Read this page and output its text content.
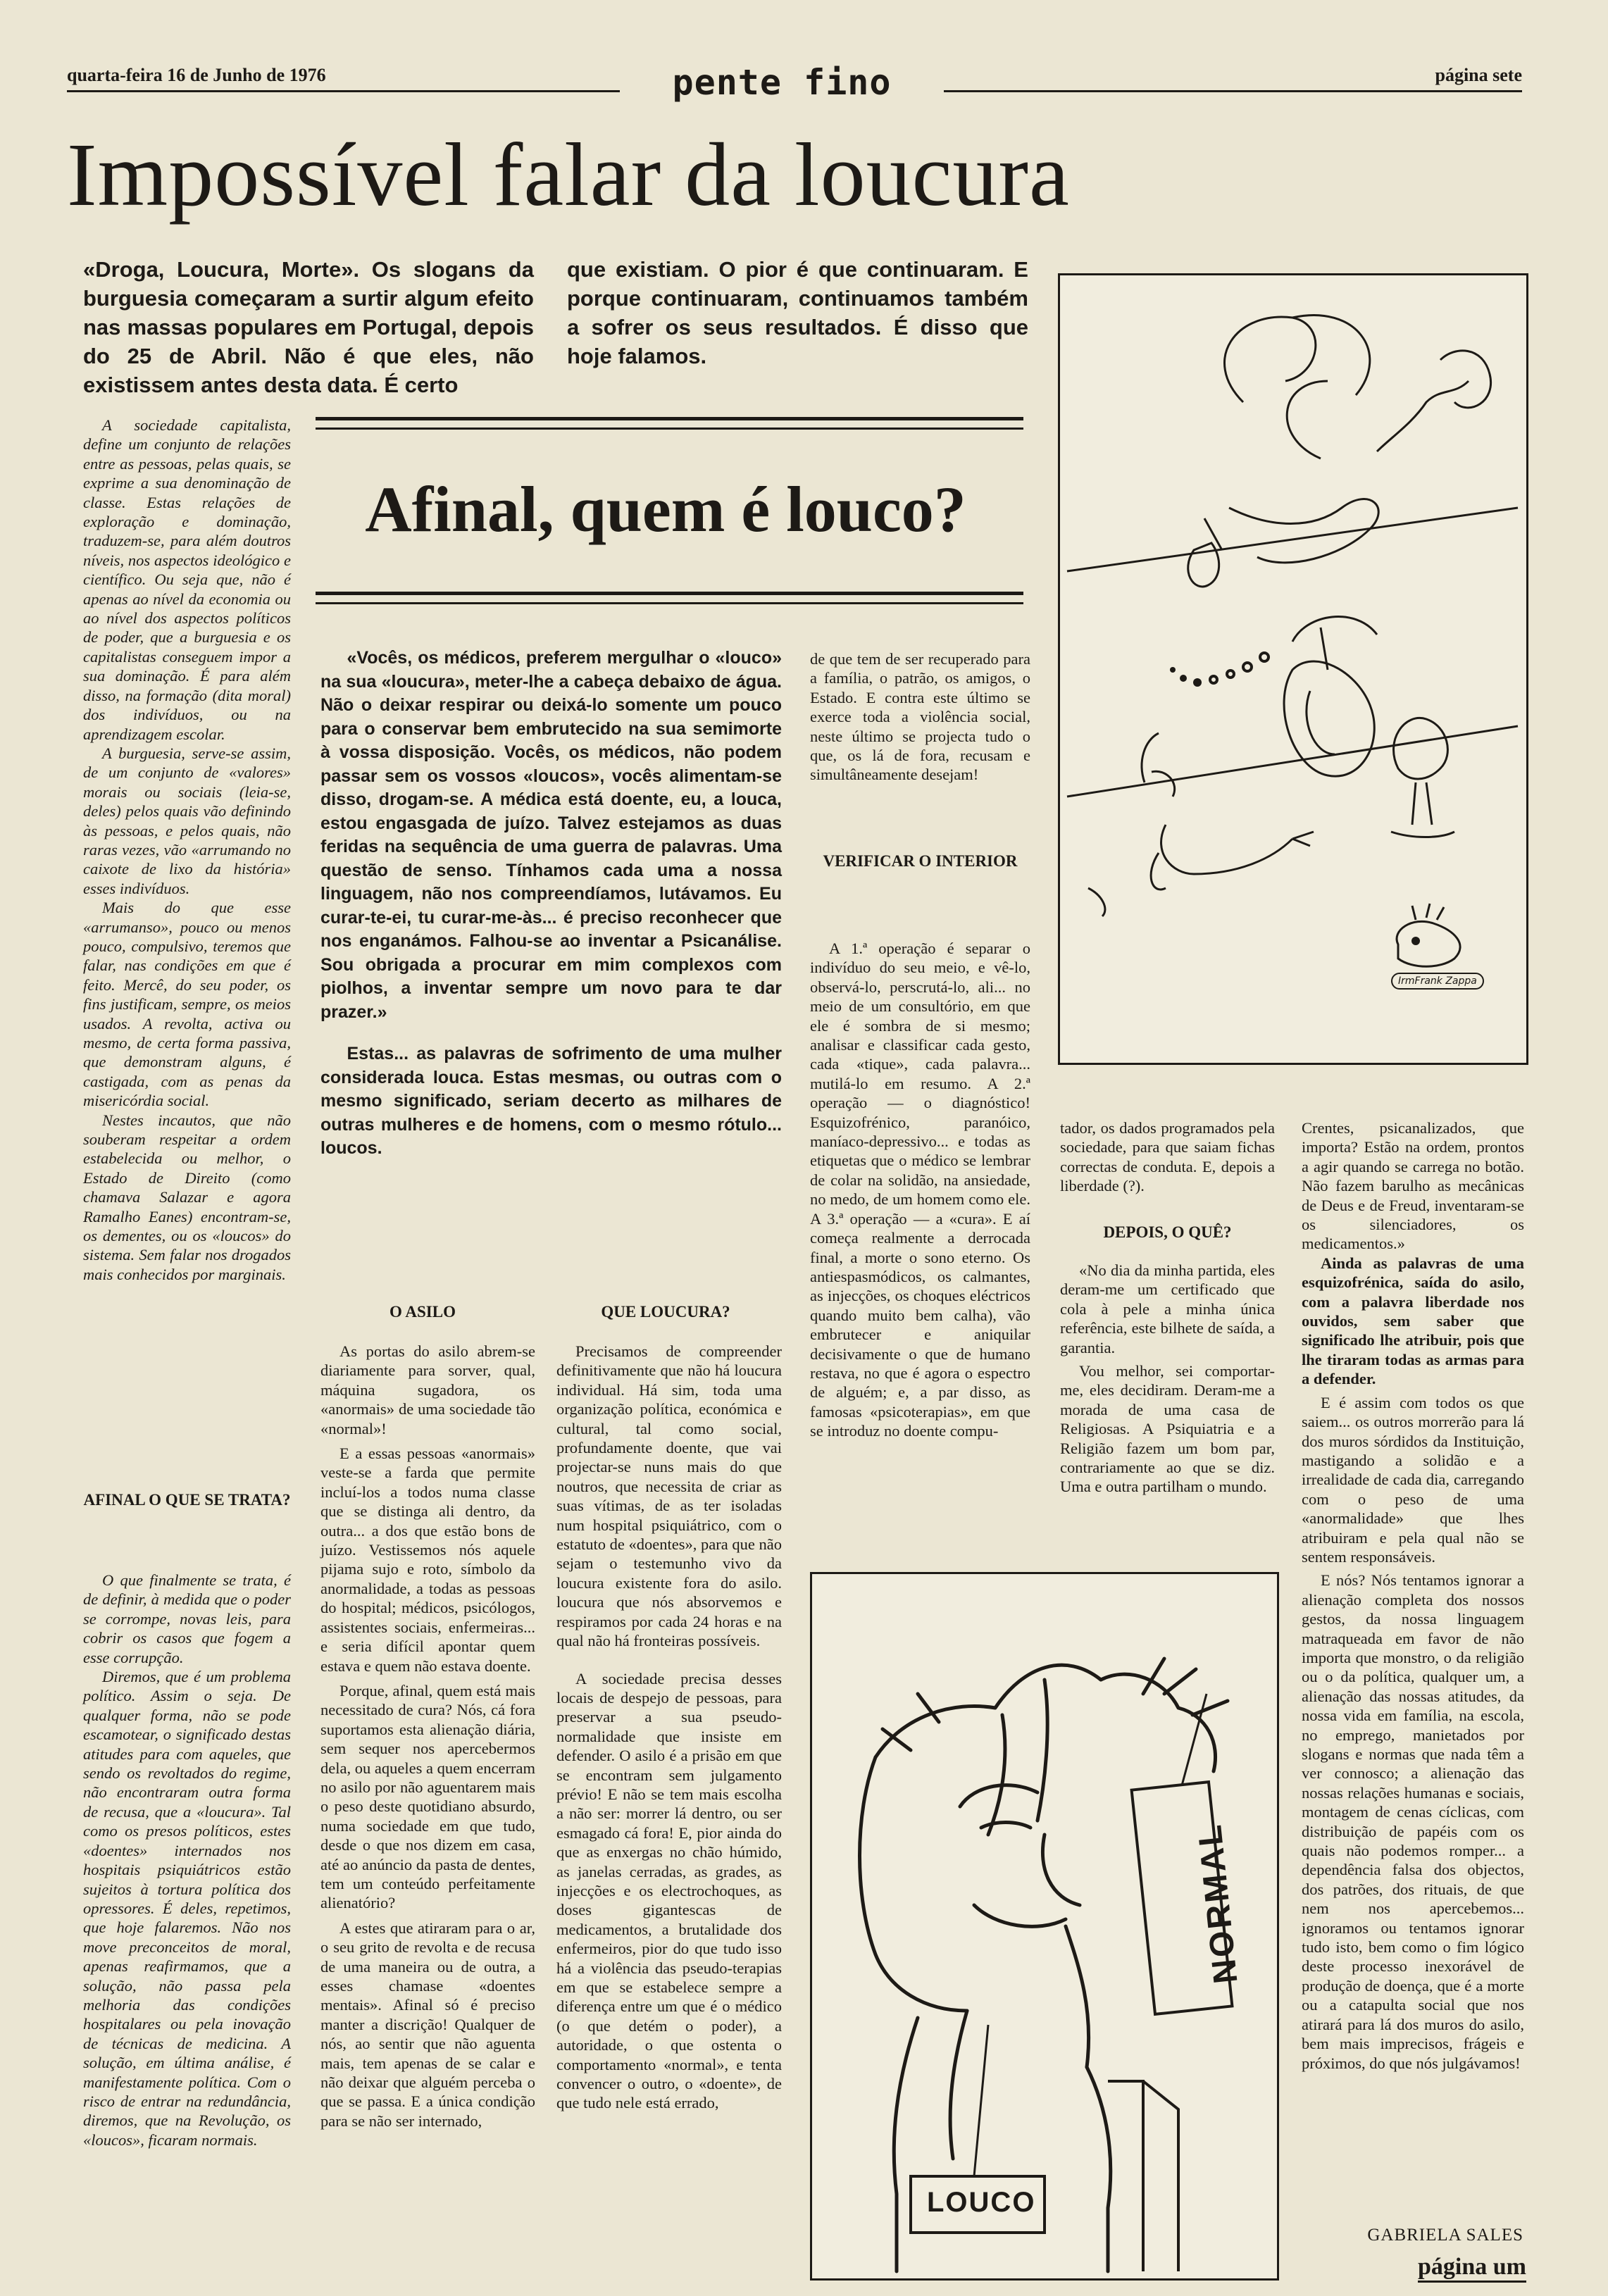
quarta-feira 16 de Junho de 1976	pente fino	página sete
Impossível falar da loucura
«Droga, Loucura, Morte». Os slogans da burguesia começaram a surtir algum efeito nas massas populares em Portugal, depois do 25 de Abril. Não é que eles, não existissem antes desta data. É certo
que existiam. O pior é que continuaram. E porque continuaram, continuamos também a sofrer os seus resultados. É disso que hoje falamos.
Afinal, quem é louco?

A sociedade capitalista, define um conjunto de relações entre as pessoas, pelas quais, se exprime a sua denominação de classe. Estas relações de exploração e dominação, traduzem-se, para além doutros níveis, nos aspectos ideológico e científico. Ou seja que, não é apenas ao nível da economia ou ao nível dos aspectos políticos de poder, que a burguesia e os capitalistas conseguem impor a sua dominação. É para além disso, na formação (dita moral) dos indivíduos, ou na aprendizagem escolar.

A burguesia, serve-se assim, de um conjunto de «valores» morais ou sociais (leia-se, deles) pelos quais vão definindo às pessoas, e pelos quais, não raras vezes, vão «arrumando no caixote de lixo da história» esses indivíduos.

Mais do que esse «arrumanso», pouco ou menos pouco, compulsivo, teremos que falar, nas condições em que é feito. Mercê, do seu poder, os fins justificam, sempre, os meios usados. A revolta, activa ou mesmo, de certa forma passiva, que demonstram alguns, é castigada, com as penas da misericórdia social.

Nestes incautos, que não souberam respeitar a ordem estabelecida ou melhor, o Estado de Direito (como chamava Salazar e agora Ramalho Eanes) encontram-se, os dementes, ou os «loucos» do sistema. Sem falar nos drogados mais conhecidos por marginais.

AFINAL O QUE SE TRATA?

O que finalmente se trata, é de definir, à medida que o poder se corrompe, novas leis, para cobrir os casos que fogem a esse corrupção.

Diremos, que é um problema político. Assim o seja. De qualquer forma, não se pode escamotear, o significado destas atitudes para com aqueles, que sendo os revoltados do regime, não encontraram outra forma de recusa, que a «loucura». Tal como os presos políticos, estes «doentes» internados nos hospitais psiquiátricos estão sujeitos à tortura política dos opressores. É deles, repetimos, que hoje falaremos. Não nos move preconceitos de moral, apenas reafirmamos, que a solução, não passa pela melhoria das condições hospitalares ou pela inovação de técnicas de medicina. A solução, em última análise, é manifestamente política. Com o risco de entrar na redundância, diremos, que na Revolução, os «loucos», ficaram normais.

«Vocês, os médicos, preferem mergulhar o «louco» na sua «loucura», meter-lhe a cabeça debaixo de água. Não o deixar respirar ou deixá-lo somente um pouco para o conservar bem embrutecido na sua semimorte à vossa disposição. Vocês, os médicos, não podem passar sem os vossos «loucos», vocês alimentam-se disso, drogam-se. A médica está doente, eu, a louca, estou engasgada de juízo. Talvez estejamos as duas feridas na sequência de uma guerra de palavras. Uma questão de senso. Tínhamos cada uma a nossa linguagem, não nos compreendíamos, lutávamos. Eu curar-te-ei, tu curar-me-às... é preciso reconhecer que nos enganámos. Falhou-se ao inventar a Psicanálise. Sou obrigada a procurar em mim complexos com piolhos, a inventar sempre um novo para te dar prazer.»

Estas... as palavras de sofrimento de uma mulher considerada louca. Estas mesmas, ou outras com o mesmo significado, seriam decerto as milhares de outras mulheres e de homens, com o mesmo rótulo... loucos.

de que tem de ser recuperado para a família, o patrão, os amigos, o Estado. E contra este último se exerce toda a violência social, neste último se projecta tudo o que, os lá de fora, recusam e simultâneamente desejam!

VERIFICAR O INTERIOR

A 1.ª operação é separar o indivíduo do seu meio, e vê-lo, observá-lo, perscrutá-lo, ali... no meio de um consultório, em que ele é sombra de si mesmo; analisar e classificar cada gesto, cada «tique», cada palavra... mutilá-lo em resumo. A 2.ª operação — o diagnóstico! Esquizofrénico, paranóico, maníaco-depressivo... e todas as etiquetas que o médico se lembrar de colar na solidão, na ansiedade, no medo, de um homem como ele. A 3.ª operação — a «cura». E aí começa realmente a derrocada final, a morte o sono eterno. Os antiespasmódicos, os calmantes, as injecções, os choques eléctricos quando muito bem calha), vão embrutecer e aniquilar decisivamente o que de humano restava, no que é agora o espectro de alguém; e, a par disso, as famosas «psicoterapias», em que se introduz no doente compu-

O ASILO

As portas do asilo abrem-se diariamente para sorver, qual, máquina sugadora, os «anormais» de uma sociedade tão «normal»!

E a essas pessoas «anormais» veste-se a farda que permite incluí-los a todos numa classe que se distinga ali dentro, da outra... a dos que estão bons de juízo. Vestissemos nós aquele pijama sujo e roto, símbolo da anormalidade, a todas as pessoas do hospital; médicos, psicólogos, assistentes sociais, enfermeiras... e seria difícil apontar quem estava e quem não estava doente.

Porque, afinal, quem está mais necessitado de cura? Nós, cá fora suportamos esta alienação diária, sem sequer nos apercebermos dela, ou aqueles a quem encerram no asilo por não aguentarem mais o peso deste quotidiano absurdo, numa sociedade em que tudo, desde o que nos dizem em casa, até ao anúncio da pasta de dentes, tem um conteúdo perfeitamente alienatório?

A estes que atiraram para o ar, o seu grito de revolta e de recusa de uma maneira ou de outra, a esses chamase «doentes mentais». Afinal só é preciso manter a discrição! Qualquer de nós, ao sentir que não aguenta mais, tem apenas de se calar e não deixar que alguém perceba o que se passa. E a única condição para se não ser internado,

QUE LOUCURA?

Precisamos de compreender definitivamente que não há loucura individual. Há sim, toda uma organização política, económica e cultural, tal como social, profundamente doente, que vai projectar-se nuns mais do que noutros, que necessita de criar as suas vítimas, de as ter isoladas num hospital psiquiátrico, com o estatuto de «doentes», para que não sejam o testemunho vivo da loucura existente fora do asilo. loucura que nós absorvemos e respiramos por cada 24 horas e na qual não há fronteiras possíveis.

A sociedade precisa desses locais de despejo de pessoas, para preservar a sua pseudo-normalidade que insiste em defender. O asilo é a prisão em que se encontram sem julgamento prévio! E não se tem mais escolha a não ser: morrer lá dentro, ou ser esmagado cá fora! E, pior ainda do que as enxergas no chão húmido, as janelas cerradas, as grades, as injecções e os electrochoques, as doses gigantescas de medicamentos, a brutalidade dos enfermeiros, pior do que tudo isso há a violência das pseudo-terapias em que se estabelece sempre a diferença entre um que é o médico (o que detém o poder), a autoridade, o que ostenta o comportamento «normal», e tenta convencer o outro, o «doente», de que tudo nele está errado,

tador, os dados programados pela sociedade, para que saiam fichas correctas de conduta. E, depois a liberdade (?).

DEPOIS, O QUÊ?

«No dia da minha partida, eles deram-me um certificado que cola à pele a minha única referência, este bilhete de saída, a garantia.

Vou melhor, sei comportar-me, eles decidiram. Deram-me a morada de uma casa de Religiosas. A Psiquiatria e a Religião fazem um bom par, contrariamente ao que se diz. Uma e outra partilham o mundo.

Crentes, psicanalizados, que importa? Estão na ordem, prontos a agir quando se carrega no botão. Não fazem barulho as mecânicas de Deus e de Freud, inventaram-se os silenciadores, os medicamentos.»

Ainda as palavras de uma esquizofrénica, saída do asilo, com a palavra liberdade nos ouvidos, sem saber que significado lhe atribuir, pois que lhe tiraram todas as armas para a defender.

E é assim com todos os que saiem... os outros morrerão para lá dos muros sórdidos da Instituição, mastigando a solidão e a irrealidade de cada dia, carregando com o peso de uma «anormalidade» que lhes atribuiram e pela qual não se sentem responsáveis.

E nós? Nós tentamos ignorar a alienação completa dos nossos gestos, da nossa linguagem matraqueada em favor de não importa que monstro, o da religião ou o da política, qualquer um, a alienação das nossas atitudes, da nossa vida em família, na escola, no emprego, manietados por slogans e normas que nada têm a ver connosco; a alienação das nossas relações humanas e sociais, montagem de cenas cíclicas, com distribuição de papéis com os quais não podemos romper... a dependência falsa dos objectos, dos patrões, dos rituais, de que nem nos apercebemos... ignoramos ou tentamos ignorar tudo isto, bem como o fim lógico deste processo inexorável de produção de doença, que é a morte ou a catapulta social que nos atirará para lá dos muros do asilo, bem mais imprecisos, frágeis e próximos, do que nós julgávamos!

GABRIELA SALES
página um
IrmFrank Zappa
NORMAL
LOUCO
